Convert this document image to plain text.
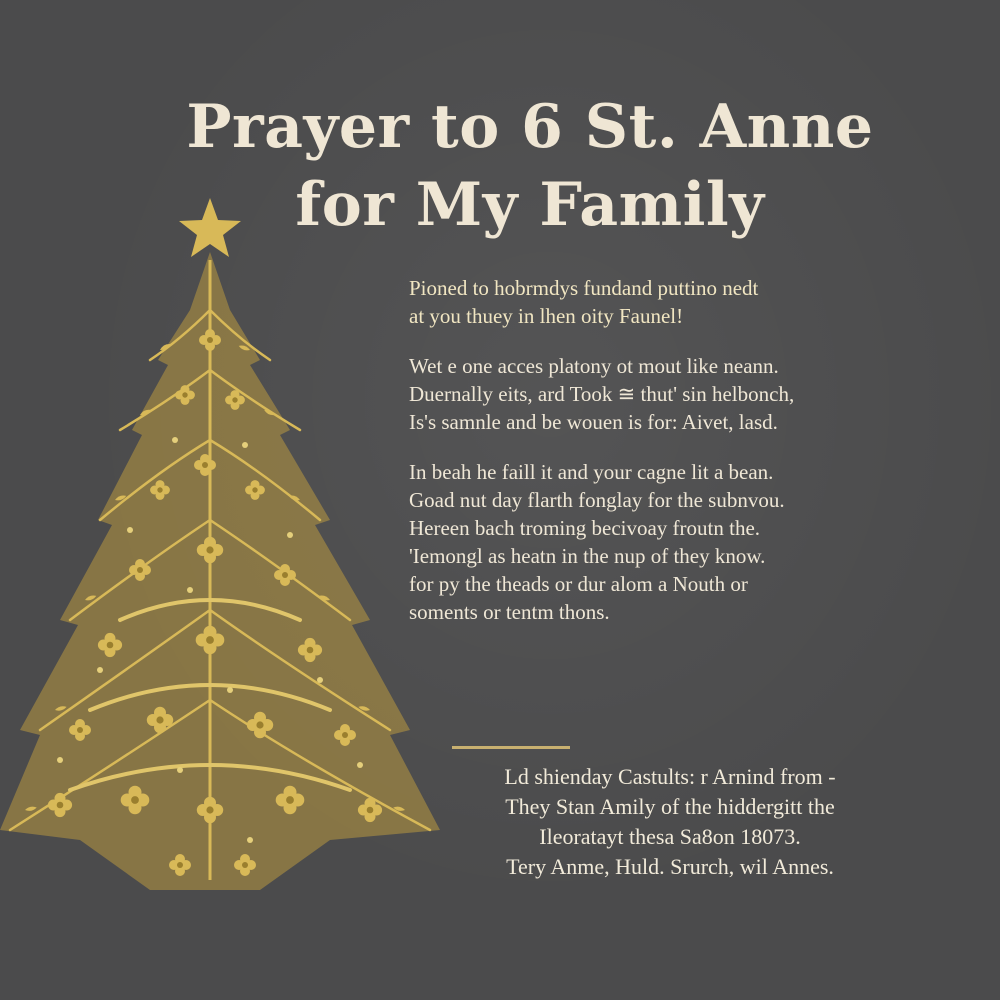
Prayer to 6 St. Anne
for My Family

Pioned to hobrmdys fundand puttino nedt
at you thuey in lhen oity Faunel!

Wet e one acces platony ot mout like neann.
Duernally eits, ard Took ≅ thut' sin helbonch,
Is's samnle and be wouen is for: Aivet, lasd.

In beah he faill it and your cagne lit a bean.
Goad nut day flarth fonglay for the subnvou.
Hereen bach troming becivoay froutn the.
'Iemongl as heatn in the nup of they know.
for py the theads or dur alom a Nouth or
soments or tentm thons.

Ld shienday Castults: r Arnind from -
They Stan Amily of the hiddergitt the
Ileoratayt thesa Sa8on 18073.
Tery Anme, Huld. Srurch, wil Annes.
